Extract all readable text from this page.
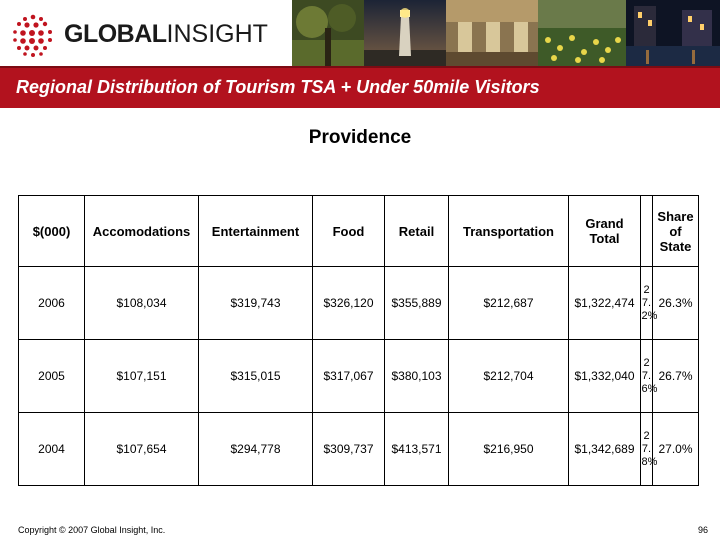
GLOBALINSIGHT
Regional Distribution of Tourism TSA + Under 50mile Visitors
Providence
$(000)	Accomodations	Entertainment	Food	Retail	Transportation	Grand Total		Share of State
2006	$108,034	$319,743	$326,120	$355,889	$212,687	$1,322,474	27.2%	26.3%
2005	$107,151	$315,015	$317,067	$380,103	$212,704	$1,332,040	27.6%	26.7%
2004	$107,654	$294,778	$309,737	$413,571	$216,950	$1,342,689	27.8%	27.0%
Copyright © 2007 Global Insight, Inc.	96
